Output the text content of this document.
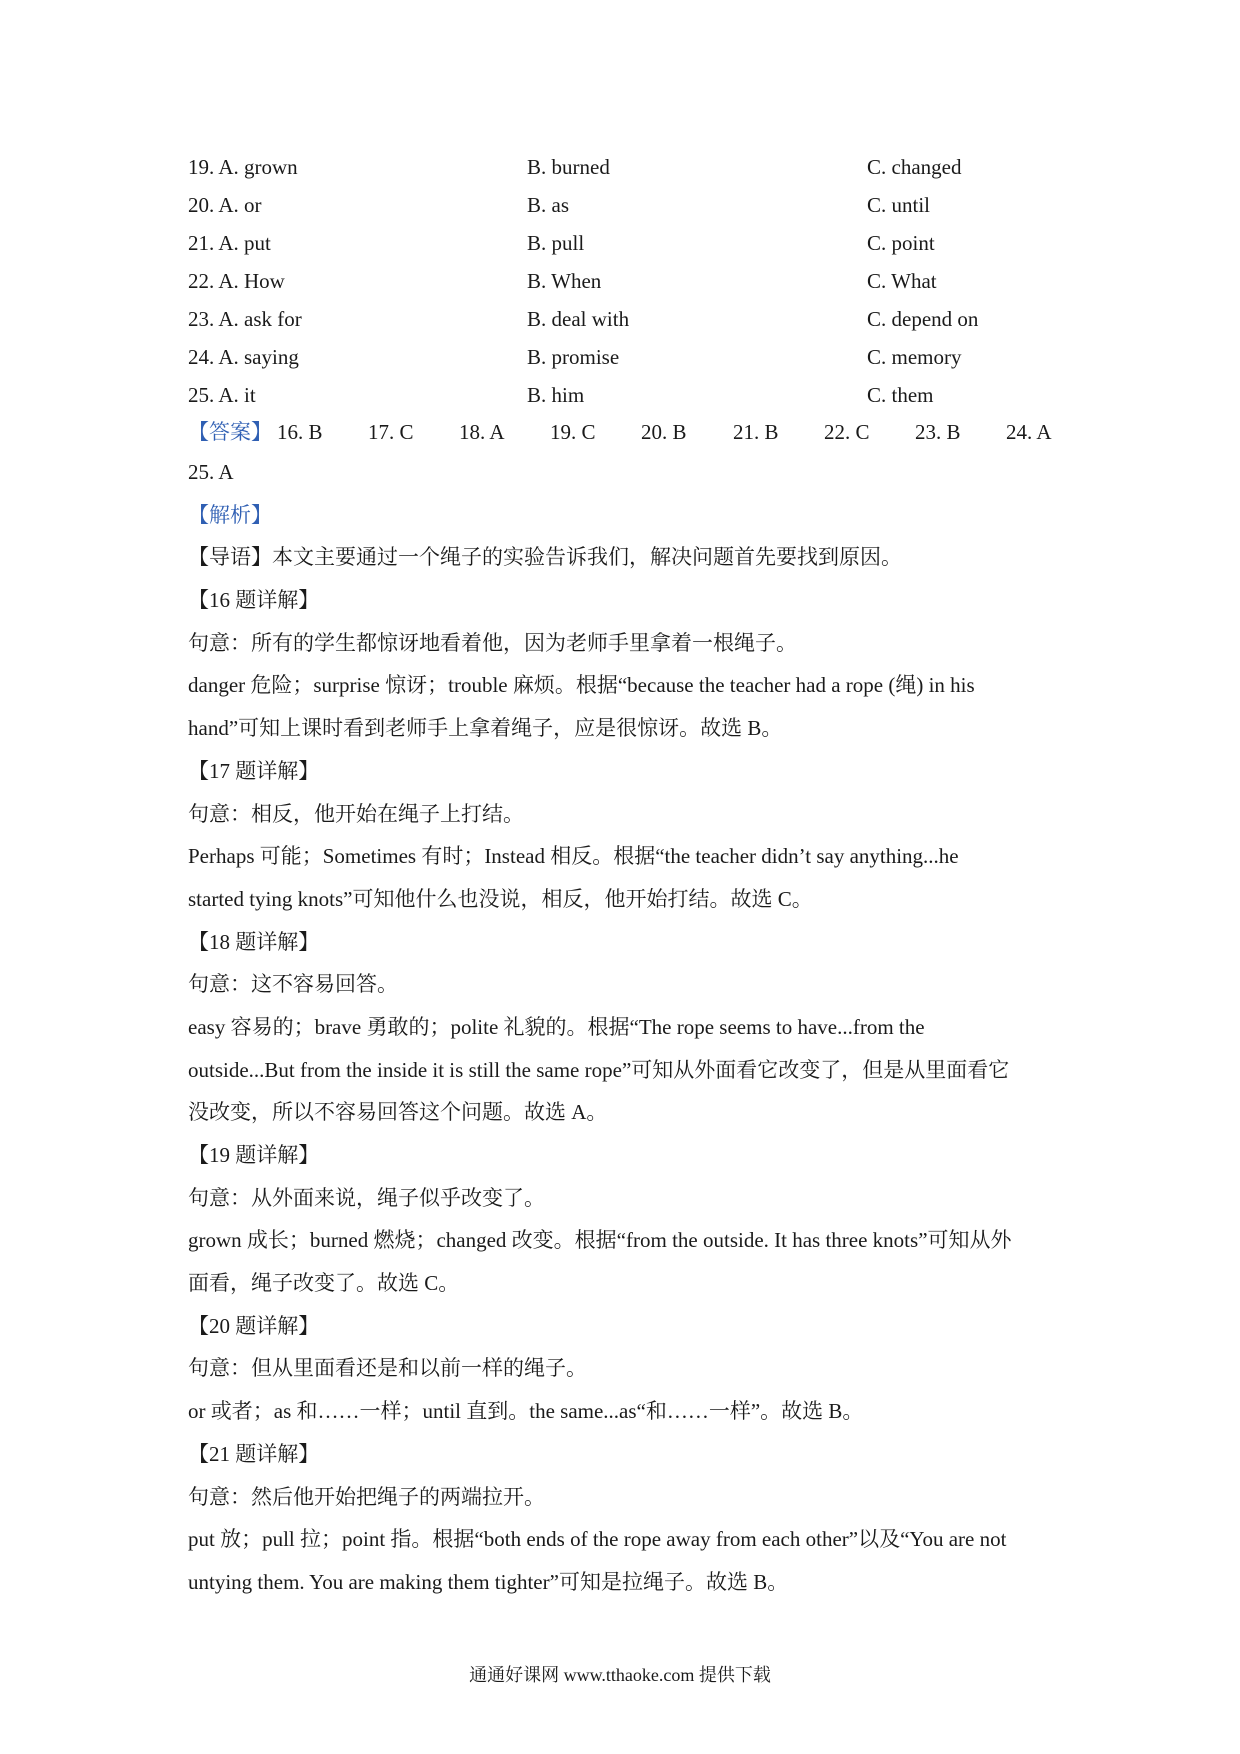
19. A. grown	B. burned	C. changed
20. A. or	B. as	C. until
21. A. put	B. pull	C. point
22. A. How	B. When	C. What
23. A. ask for	B. deal with	C. depend on
24. A. saying	B. promise	C. memory
25. A. it	B. him	C. them
【答案】 16. B 17. C 18. A 19. C 20. B 21. B 22. C 23. B 24. A
25. A
【解析】
【导语】本文主要通过一个绳子的实验告诉我们，解决问题首先要找到原因。
【16 题详解】
句意：所有的学生都惊讶地看着他，因为老师手里拿着一根绳子。
danger 危险；surprise 惊讶；trouble 麻烦。根据“because the teacher had a rope (绳) in his
hand”可知上课时看到老师手上拿着绳子，应是很惊讶。故选 B。
【17 题详解】
句意：相反，他开始在绳子上打结。
Perhaps 可能；Sometimes 有时；Instead 相反。根据“the teacher didn’t say anything...he
started tying knots”可知他什么也没说，相反，他开始打结。故选 C。
【18 题详解】
句意：这不容易回答。
easy 容易的；brave 勇敢的；polite 礼貌的。根据“The rope seems to have...from the
outside...But from the inside it is still the same rope”可知从外面看它改变了，但是从里面看它
没改变，所以不容易回答这个问题。故选 A。
【19 题详解】
句意：从外面来说，绳子似乎改变了。
grown 成长；burned 燃烧；changed 改变。根据“from the outside. It has three knots”可知从外
面看，绳子改变了。故选 C。
【20 题详解】
句意：但从里面看还是和以前一样的绳子。
or 或者；as 和……一样；until 直到。the same...as“和……一样”。故选 B。
【21 题详解】
句意：然后他开始把绳子的两端拉开。
put 放；pull 拉；point 指。根据“both ends of the rope away from each other”以及“You are not
untying them. You are making them tighter”可知是拉绳子。故选 B。
通通好课网 www.tthaoke.com 提供下载
